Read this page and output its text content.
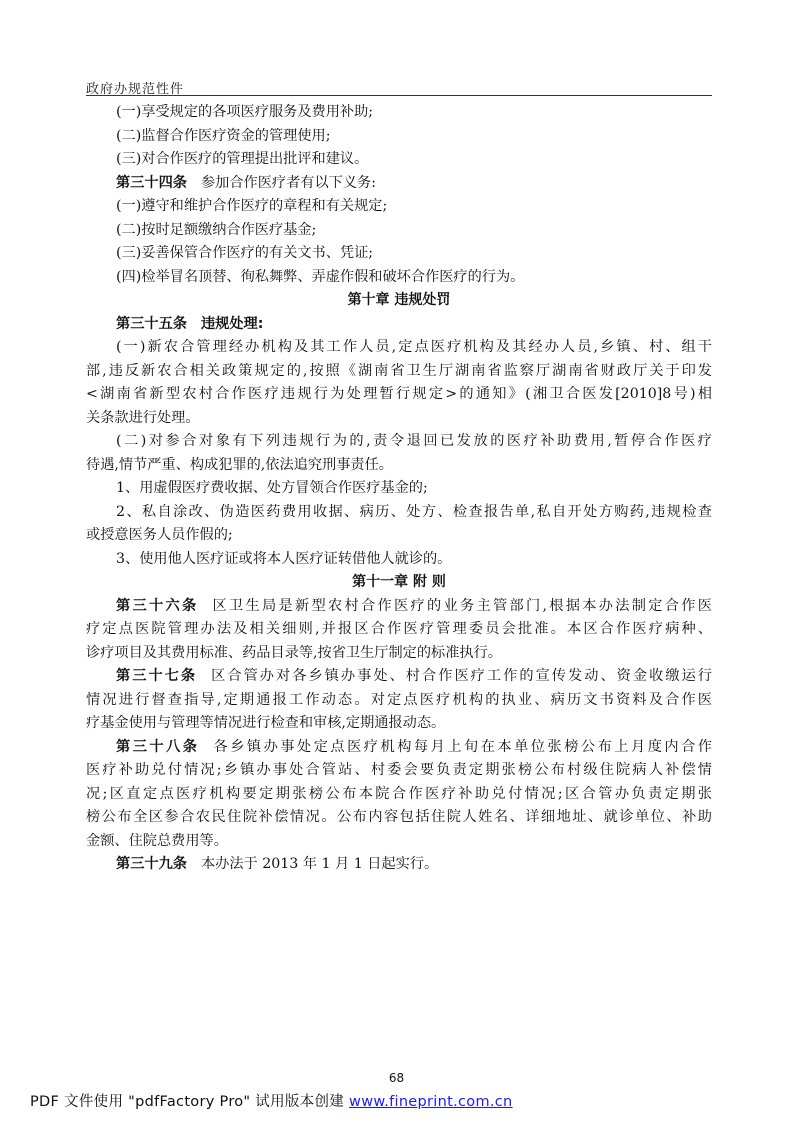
政府办规范性件
(一)享受规定的各项医疗服务及费用补助;
(二)监督合作医疗资金的管理使用;
(三)对合作医疗的管理提出批评和建议。
第三十四条 参加合作医疗者有以下义务:
(一)遵守和维护合作医疗的章程和有关规定;
(二)按时足额缴纳合作医疗基金;
(三)妥善保管合作医疗的有关文书、凭证;
(四)检举冒名顶替、徇私舞弊、弄虚作假和破坏合作医疗的行为。
第十章 违规处罚
第三十五条 违规处理:
(一)新农合管理经办机构及其工作人员,定点医疗机构及其经办人员,乡镇、村、组干
部,违反新农合相关政策规定的,按照《湖南省卫生厅湖南省监察厅湖南省财政厅关于印发
<湖南省新型农村合作医疗违规行为处理暂行规定>的通知》(湘卫合医发[2010]8号)相
关条款进行处理。
(二)对参合对象有下列违规行为的,责令退回已发放的医疗补助费用,暂停合作医疗
待遇,情节严重、构成犯罪的,依法追究刑事责任。
1、用虚假医疗费收据、处方冒领合作医疗基金的;
2、私自涂改、伪造医药费用收据、病历、处方、检查报告单,私自开处方购药,违规检查
或授意医务人员作假的;
3、使用他人医疗证或将本人医疗证转借他人就诊的。
第十一章 附 则
第三十六条 区卫生局是新型农村合作医疗的业务主管部门,根据本办法制定合作医
疗定点医院管理办法及相关细则,并报区合作医疗管理委员会批准。本区合作医疗病种、
诊疗项目及其费用标准、药品目录等,按省卫生厅制定的标准执行。
第三十七条 区合管办对各乡镇办事处、村合作医疗工作的宣传发动、资金收缴运行
情况进行督查指导,定期通报工作动态。对定点医疗机构的执业、病历文书资料及合作医
疗基金使用与管理等情况进行检查和审核,定期通报动态。
第三十八条 各乡镇办事处定点医疗机构每月上旬在本单位张榜公布上月度内合作
医疗补助兑付情况;乡镇办事处合管站、村委会要负责定期张榜公布村级住院病人补偿情
况;区直定点医疗机构要定期张榜公布本院合作医疗补助兑付情况;区合管办负责定期张
榜公布全区参合农民住院补偿情况。公布内容包括住院人姓名、详细地址、就诊单位、补助
金额、住院总费用等。
第三十九条 本办法于 2013 年 1 月 1 日起实行。
68
PDF 文件使用 "pdfFactory Pro" 试用版本创建 www.fineprint.com.cn
